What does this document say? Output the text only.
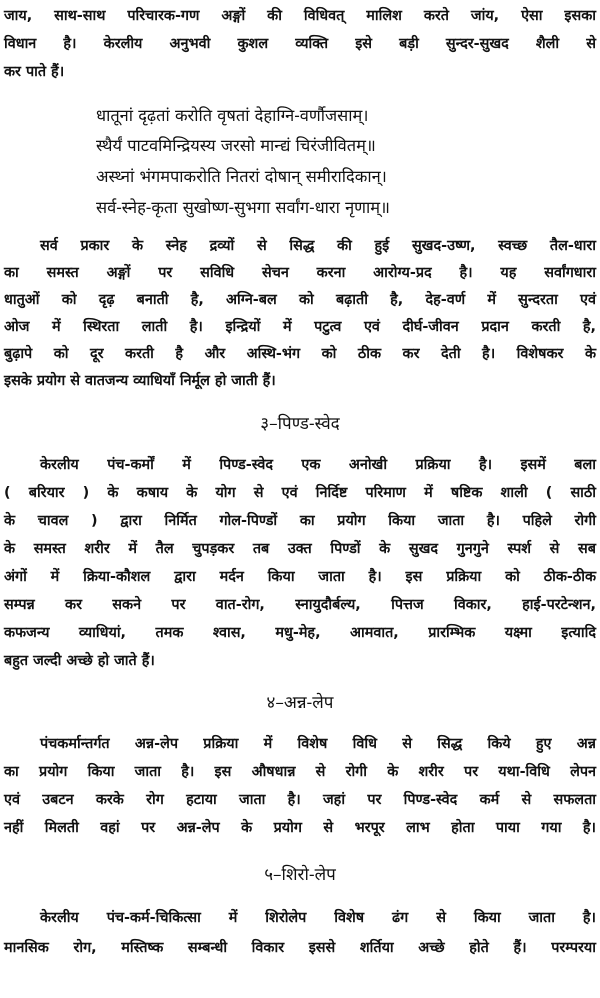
जाय, साथ-साथ परिचारक-गण अङ्गों की विधिवत् मालिश करते जांय, ऐसा इसका
विधान है। केरलीय अनुभवी कुशल व्यक्ति इसे बड़ी सुन्दर-सुखद शैली से
कर पाते हैं।
धातूनां दृढ़तां करोति वृषतां देहाग्नि-वर्णौजसाम्।
स्थैर्यं पाटवमिन्द्रियस्य जरसो मान्द्यं चिरंजीवितम्॥
अस्थ्नां भंगमपाकरोति नितरां दोषान् समीरादिकान्।
सर्व-स्नेह-कृता सुखोष्ण-सुभगा सर्वांग-धारा नृणाम्॥
सर्व प्रकार के स्नेह द्रव्यों से सिद्ध की हुई सुखद-उष्ण, स्वच्छ तैल-धारा
का समस्त अङ्गों पर सविधि सेचन करना आरोग्य-प्रद है। यह सर्वांगधारा
धातुओं को दृढ़ बनाती है, अग्नि-बल को बढ़ाती है, देह-वर्ण में सुन्दरता एवं
ओज में स्थिरता लाती है। इन्द्रियों में पटुत्व एवं दीर्घ-जीवन प्रदान करती है,
बुढ़ापे को दूर करती है और अस्थि-भंग को ठीक कर देती है। विशेषकर के
इसके प्रयोग से वातजन्य व्याधियाँ निर्मूल हो जाती हैं।
३–पिण्ड-स्वेद
केरलीय पंच-कर्मों में पिण्ड-स्वेद एक अनोखी प्रक्रिया है। इसमें बला
( बरियार ) के कषाय के योग से एवं निर्दिष्ट परिमाण में षष्टिक शाली ( साठी
के चावल ) द्वारा निर्मित गोल-पिण्डों का प्रयोग किया जाता है। पहिले रोगी
के समस्त शरीर में तैल चुपड़कर तब उक्त पिण्डों के सुखद गुनगुने स्पर्श से सब
अंगों में क्रिया-कौशल द्वारा मर्दन किया जाता है। इस प्रक्रिया को ठीक-ठीक
सम्पन्न कर सकने पर वात-रोग, स्नायुदौर्बल्य, पित्तज विकार, हाई-परटेन्शन,
कफजन्य व्याधियां, तमक श्वास, मधु-मेह, आमवात, प्रारम्भिक यक्ष्मा इत्यादि
बहुत जल्दी अच्छे हो जाते हैं।
४–अन्न-लेप
पंचकर्मान्तर्गत अन्न-लेप प्रक्रिया में विशेष विधि से सिद्ध किये हुए अन्न
का प्रयोग किया जाता है। इस औषधान्न से रोगी के शरीर पर यथा-विधि लेपन
एवं उबटन करके रोग हटाया जाता है। जहां पर पिण्ड-स्वेद कर्म से सफलता
नहीं मिलती वहां पर अन्न-लेप के प्रयोग से भरपूर लाभ होता पाया गया है।
५–शिरो-लेप
केरलीय पंच-कर्म-चिकित्सा में शिरोलेप विशेष ढंग से किया जाता है।
मानसिक रोग, मस्तिष्क सम्बन्धी विकार इससे शर्तिया अच्छे होते हैं। परम्परया
